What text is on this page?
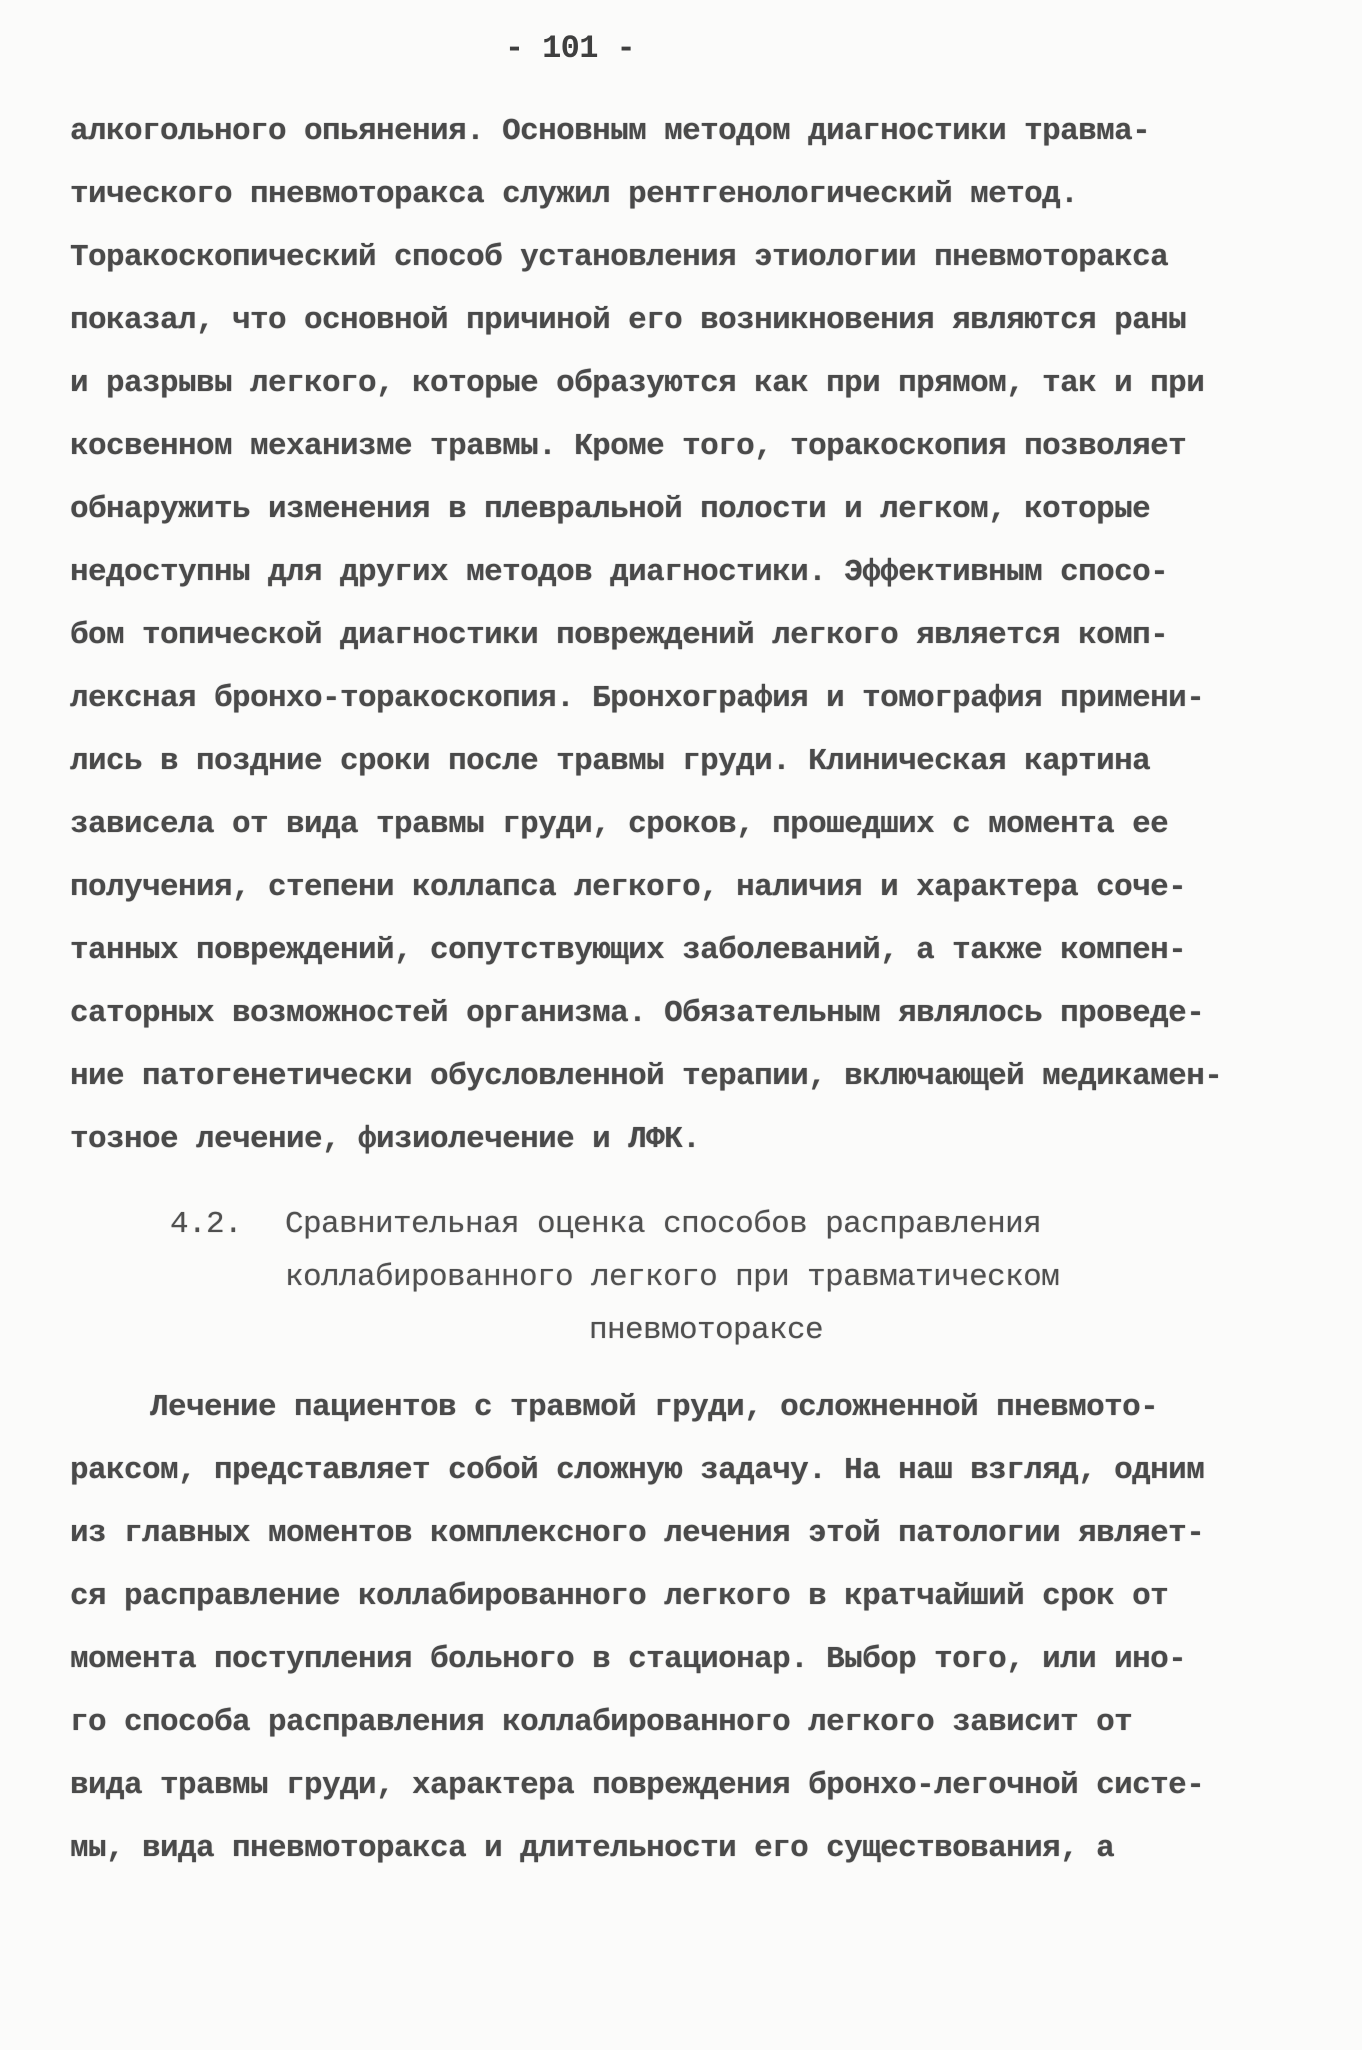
- 101 -
алкогольного опьянения. Основным методом диагностики травма-
тического пневмоторакса служил рентгенологический метод.
Торакоскопический способ установления этиологии пневмоторакса
показал, что основной причиной его возникновения являются раны
и разрывы легкого, которые образуются как при прямом, так и при
косвенном механизме травмы. Кроме того, торакоскопия позволяет
обнаружить изменения в плевральной полости и легком, которые
недоступны для других методов диагностики. Эффективным спосо-
бом топической диагностики повреждений легкого является комп-
лексная бронхо-торакоскопия. Бронхография и томография примени-
лись в поздние сроки после травмы груди. Клиническая картина
зависела от вида травмы груди, сроков, прошедших с момента ее
получения, степени коллапса легкого, наличия и характера соче-
танных повреждений, сопутствующих заболеваний, а также компен-
саторных возможностей организма. Обязательным являлось проведе-
ние патогенетически обусловленной терапии, включающей медикамен-
тозное лечение, физиолечение и ЛФК.
4.2. Сравнительная оценка способов расправления
коллабированного легкого при травматическом
пневмотораксе
Лечение пациентов с травмой груди, осложненной пневмото-
раксом, представляет собой сложную задачу. На наш взгляд, одним
из главных моментов комплексного лечения этой патологии являет-
ся расправление коллабированного легкого в кратчайший срок от
момента поступления больного в стационар. Выбор того, или ино-
го способа расправления коллабированного легкого зависит от
вида травмы груди, характера повреждения бронхо-легочной систе-
мы, вида пневмоторакса и длительности его существования, а
